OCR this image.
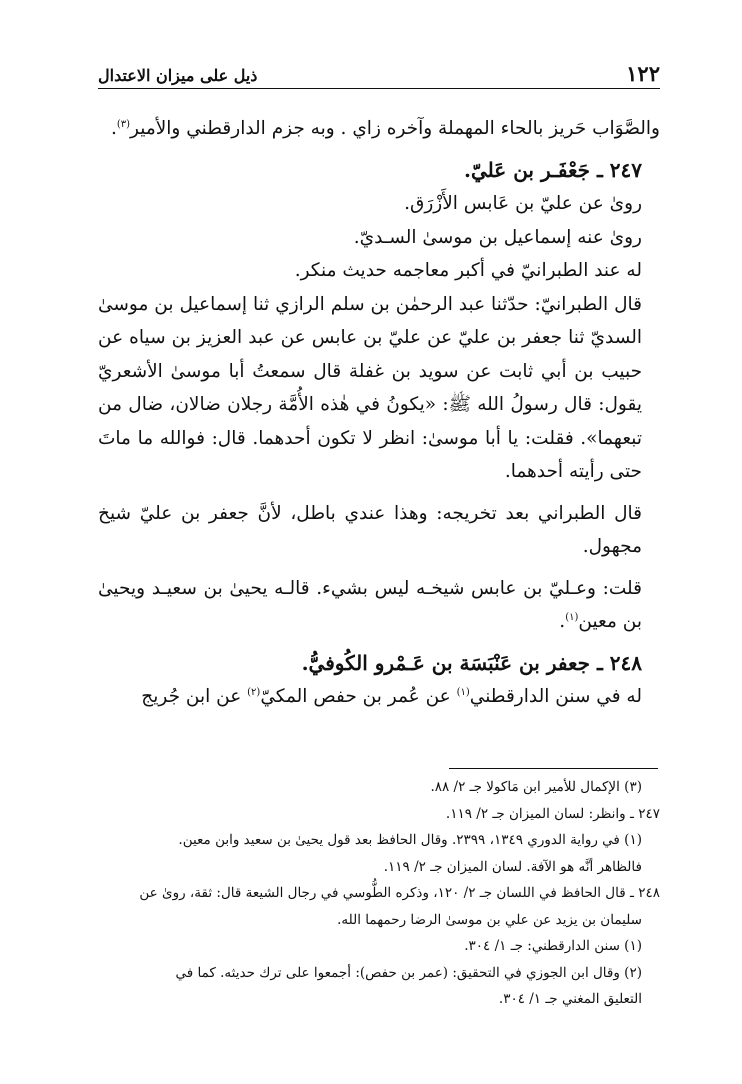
١٢٢
ذيل على ميزان الاعتدال

والصَّوَاب حَريز بالحاء المهملة وآخره زاي . وبه جزم الدارقطني والأمير$^{(٣)}$.

٢٤٧ ـ جَعْفَـر بن عَليّ.

روىٰ عن عليّ بن عَابس الأَزْرَق.

روىٰ عنه إسماعيل بن موسىٰ السـديّ.

له عند الطبرانيّ في أكبر معاجمه حديث منكر.

قال الطبرانيّ: حدّثنا عبد الرحمٰن بن سلم الرازي ثنا إسماعيل بن موسىٰ السديّ ثنا جعفر بن عليّ عن عليّ بن عابس عن عبد العزيز بن سياه عن حبيب بن أبي ثابت عن سويد بن غفلة قال سمعتُ أبا موسىٰ الأشعريّ يقول: قال رسولُ الله ﷺ: «يكونُ في هٰذه الأُمَّة رجلان ضالان، ضال من تبعهما». فقلت: يا أبا موسىٰ: انظر لا تكون أحدهما. قال: فوالله ما ماتَ حتى رأيته أحدهما.

قال الطبراني بعد تخريجه: وهذا عندي باطل، لأنَّ جعفر بن عليّ شيخ مجهول.

قلت: وعـليّ بن عابس شيخـه ليس بشيء. قالـه يحيىٰ بن سعيـد ويحيىٰ بن معين$^{(١)}$.

٢٤٨ ـ جعفر بن عَنْبَسَة بن عَـمْرو الكُوفيُّ.

له في سنن الدارقطني$^{(١)}$ عن عُمر بن حفص المكيّ$^{(٢)}$ عن ابن جُريج

(٣) الإكمال للأمير ابن مَاكولا جـ ٢/ ٨٨.

٢٤٧ ـ وانظر: لسان الميزان جـ ٢/ ١١٩.

(١) في رواية الدوري ١٣٤٩، ٢٣٩٩. وقال الحافظ بعد قول يحيىٰ بن سعيد وابن معين.

فالظاهر أنَّه هو الآفة. لسان الميزان جـ ٢/ ١١٩.

٢٤٨ ـ قال الحافظ في اللسان جـ ٢/ ١٢٠، وذكره الطُّوسي في رجال الشيعة قال: ثقة، روىٰ عن

سليمان بن يزيد عن علي بن موسىٰ الرضا رحمهما الله.

(١) سنن الدارقطني: جـ ١/ ٣٠٤.

(٢) وقال ابن الجوزي في التحقيق: (عمر بن حفص): أجمعوا على ترك حديثه. كما في

التعليق المغني جـ ١/ ٣٠٤.
